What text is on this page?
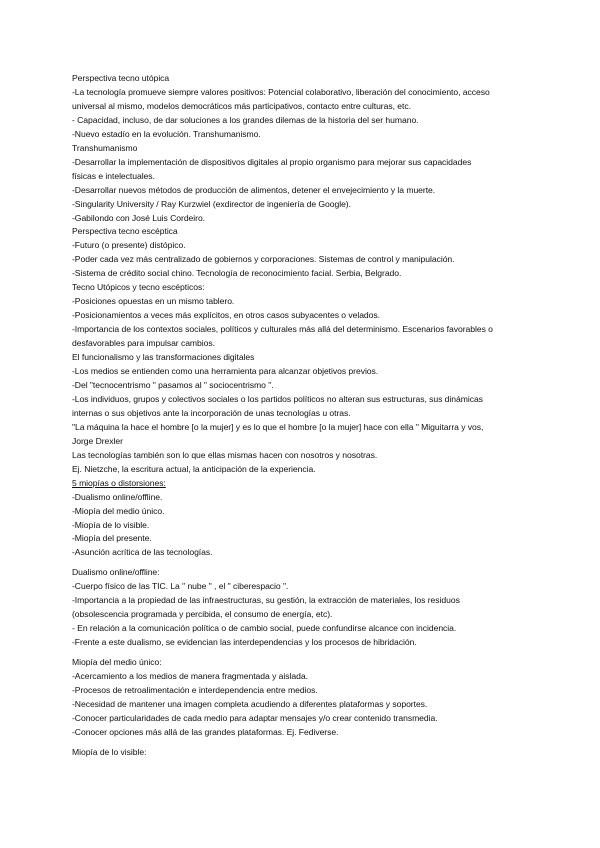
Perspectiva tecno utópica
-La tecnología promueve siempre valores positivos: Potencial colaborativo, liberación del conocimiento, acceso
universal al mismo, modelos democráticos más participativos, contacto entre culturas, etc.
- Capacidad, incluso, de dar soluciones a los grandes dilemas de la historia del ser humano.
-Nuevo estadío en la evolución. Transhumanismo.
Transhumanismo
-Desarrollar la implementación de dispositivos digitales al propio organismo para mejorar sus capacidades
físicas e intelectuales.
-Desarrollar nuevos métodos de producción de alimentos, detener el envejecimiento y la muerte.
-Singularity University / Ray Kurzwiel (exdirector de ingeniería de Google).
-Gabilondo con José Luis Cordeiro.
Perspectiva tecno escéptica
-Futuro (o presente) distópico.
-Poder cada vez más centralizado de gobiernos y corporaciones. Sistemas de control y manipulación.
-Sistema de crédito social chino. Tecnología de reconocimiento facial. Serbia, Belgrado.
Tecno Utópicos y tecno escépticos:
-Posiciones opuestas en un mismo tablero.
-Posicionamientos a veces más explícitos, en otros casos subyacentes o velados.
-Importancia de los contextos sociales, políticos y culturales más allá del determinismo. Escenarios favorables o
desfavorables para impulsar cambios.
El funcionalismo y las transformaciones digitales
-Los medios se entienden como una herramienta para alcanzar objetivos previos.
-Del "tecnocentrismo " pasamos al " sociocentrismo ".
-Los individuos, grupos y colectivos sociales o los partidos políticos no alteran sus estructuras, sus dinámicas
internas o sus objetivos ante la incorporación de unas tecnologías u otras.
"La máquina la hace el hombre [o la mujer] y es lo que el hombre [o la mujer] hace con ella " Miguitarra y vos,
Jorge Drexler
Las tecnologías también son lo que ellas mismas hacen con nosotros y nosotras.
Ej. Nietzche, la escritura actual, la anticipación de la experiencia.
5 miopías o distorsiones:
-Dualismo online/offline.
-Miopía del medio único.
-Miopía de lo visible.
-Miopía del presente.
-Asunción acrítica de las tecnologías.
Dualismo online/offline:
-Cuerpo físico de las TIC. La " nube " , el " ciberespacio ".
-Importancia a la propiedad de las infraestructuras, su gestión, la extracción de materiales, los residuos
(obsolescencia programada y percibida, el consumo de energía, etc).
- En relación a la comunicación política o de cambio social, puede confundirse alcance con incidencia.
-Frente a este dualismo, se evidencian las interdependencias y los procesos de hibridación.
Miopía del medio único:
-Acercamiento a los medios de manera fragmentada y aislada.
-Procesos de retroalimentación e interdependencia entre medios.
-Necesidad de mantener una imagen completa acudiendo a diferentes plataformas y soportes.
-Conocer particularidades de cada medio para adaptar mensajes y/o crear contenido transmedia.
-Conocer opciones más allá de las grandes plataformas. Ej. Fediverse.
Miopía de lo visible:
